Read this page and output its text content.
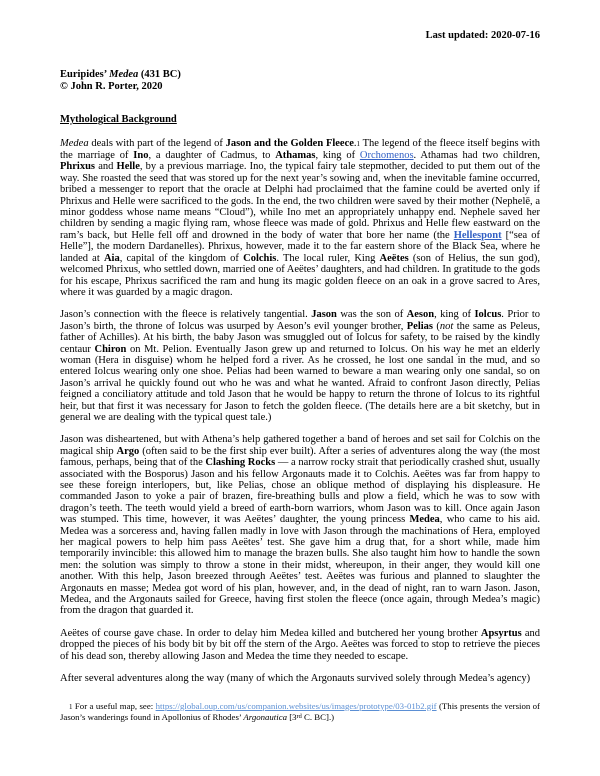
Last updated: 2020-07-16
Euripides’ Medea (431 BC)
© John R. Porter, 2020
Mythological Background

Medea deals with part of the legend of Jason and the Golden Fleece.1 The legend of the fleece itself begins with the marriage of Ino, a daughter of Cadmus, to Athamas, king of Orchomenos. Athamas had two children, Phrixus and Helle, by a previous marriage. Ino, the typical fairy tale stepmother, decided to put them out of the way. She roasted the seed that was stored up for the next year’s sowing and, when the inevitable famine occurred, bribed a messenger to report that the oracle at Delphi had proclaimed that the famine could be averted only if Phrixus and Helle were sacrificed to the gods. In the end, the two children were saved by their mother (Nephelē, a minor goddess whose name means “Cloud”), while Ino met an appropriately unhappy end. Nephele saved her children by sending a magic flying ram, whose fleece was made of gold. Phrixus and Helle flew eastward on the ram’s back, but Helle fell off and drowned in the body of water that bore her name (the Hellespont [“sea of Helle”], the modern Dardanelles). Phrixus, however, made it to the far eastern shore of the Black Sea, where he landed at Aia, capital of the kingdom of Colchis. The local ruler, King Aeëtes (son of Helius, the sun god), welcomed Phrixus, who settled down, married one of Aeëtes’ daughters, and had children. In gratitude to the gods for his escape, Phrixus sacrificed the ram and hung its magic golden fleece on an oak in a grove sacred to Ares, where it was guarded by a magic dragon.

Jason’s connection with the fleece is relatively tangential. Jason was the son of Aeson, king of Iolcus. Prior to Jason’s birth, the throne of Iolcus was usurped by Aeson’s evil younger brother, Pelias (not the same as Peleus, father of Achilles). At his birth, the baby Jason was smuggled out of Iolcus for safety, to be raised by the kindly centaur Chiron on Mt. Pelion. Eventually Jason grew up and returned to Iolcus. On his way he met an elderly woman (Hera in disguise) whom he helped ford a river. As he crossed, he lost one sandal in the mud, and so entered Iolcus wearing only one shoe. Pelias had been warned to beware a man wearing only one sandal, so on Jason’s arrival he quickly found out who he was and what he wanted. Afraid to confront Jason directly, Pelias feigned a conciliatory attitude and told Jason that he would be happy to return the throne of Iolcus to its rightful heir, but that first it was necessary for Jason to fetch the golden fleece. (The details here are a bit sketchy, but in general we are dealing with the typical quest tale.)

Jason was disheartened, but with Athena’s help gathered together a band of heroes and set sail for Colchis on the magical ship Argo (often said to be the first ship ever built). After a series of adventures along the way (the most famous, perhaps, being that of the Clashing Rocks — a narrow rocky strait that periodically crashed shut, usually associated with the Bosporus) Jason and his fellow Argonauts made it to Colchis. Aeëtes was far from happy to see these foreign interlopers, but, like Pelias, chose an oblique method of displaying his displeasure. He commanded Jason to yoke a pair of brazen, fire-breathing bulls and plow a field, which he was to sow with dragon’s teeth. The teeth would yield a breed of earth-born warriors, whom Jason was to kill. Once again Jason was stumped. This time, however, it was Aeëtes’ daughter, the young princess Medea, who came to his aid. Medea was a sorceress and, having fallen madly in love with Jason through the machinations of Hera, employed her magical powers to help him pass Aeëtes’ test. She gave him a drug that, for a short while, made him temporarily invincible: this allowed him to manage the brazen bulls. She also taught him how to handle the sown men: the solution was simply to throw a stone in their midst, whereupon, in their anger, they would kill one another. With this help, Jason breezed through Aeëtes’ test. Aeëtes was furious and planned to slaughter the Argonauts en masse; Medea got word of his plan, however, and, in the dead of night, ran to warn Jason. Jason, Medea, and the Argonauts sailed for Greece, having first stolen the fleece (once again, through Medea’s magic) from the dragon that guarded it.

Aeëtes of course gave chase. In order to delay him Medea killed and butchered her young brother Apsyrtus and dropped the pieces of his body bit by bit off the stern of the Argo. Aeëtes was forced to stop to retrieve the pieces of his dead son, thereby allowing Jason and Medea the time they needed to escape.

After several adventures along the way (many of which the Argonauts survived solely through Medea’s agency)

1 For a useful map, see: https://global.oup.com/us/companion.websites/us/images/prototype/03-01b2.gif (This presents the version of Jason’s wanderings found in Apollonius of Rhodes’ Argonautica [3rd C. BC].)
